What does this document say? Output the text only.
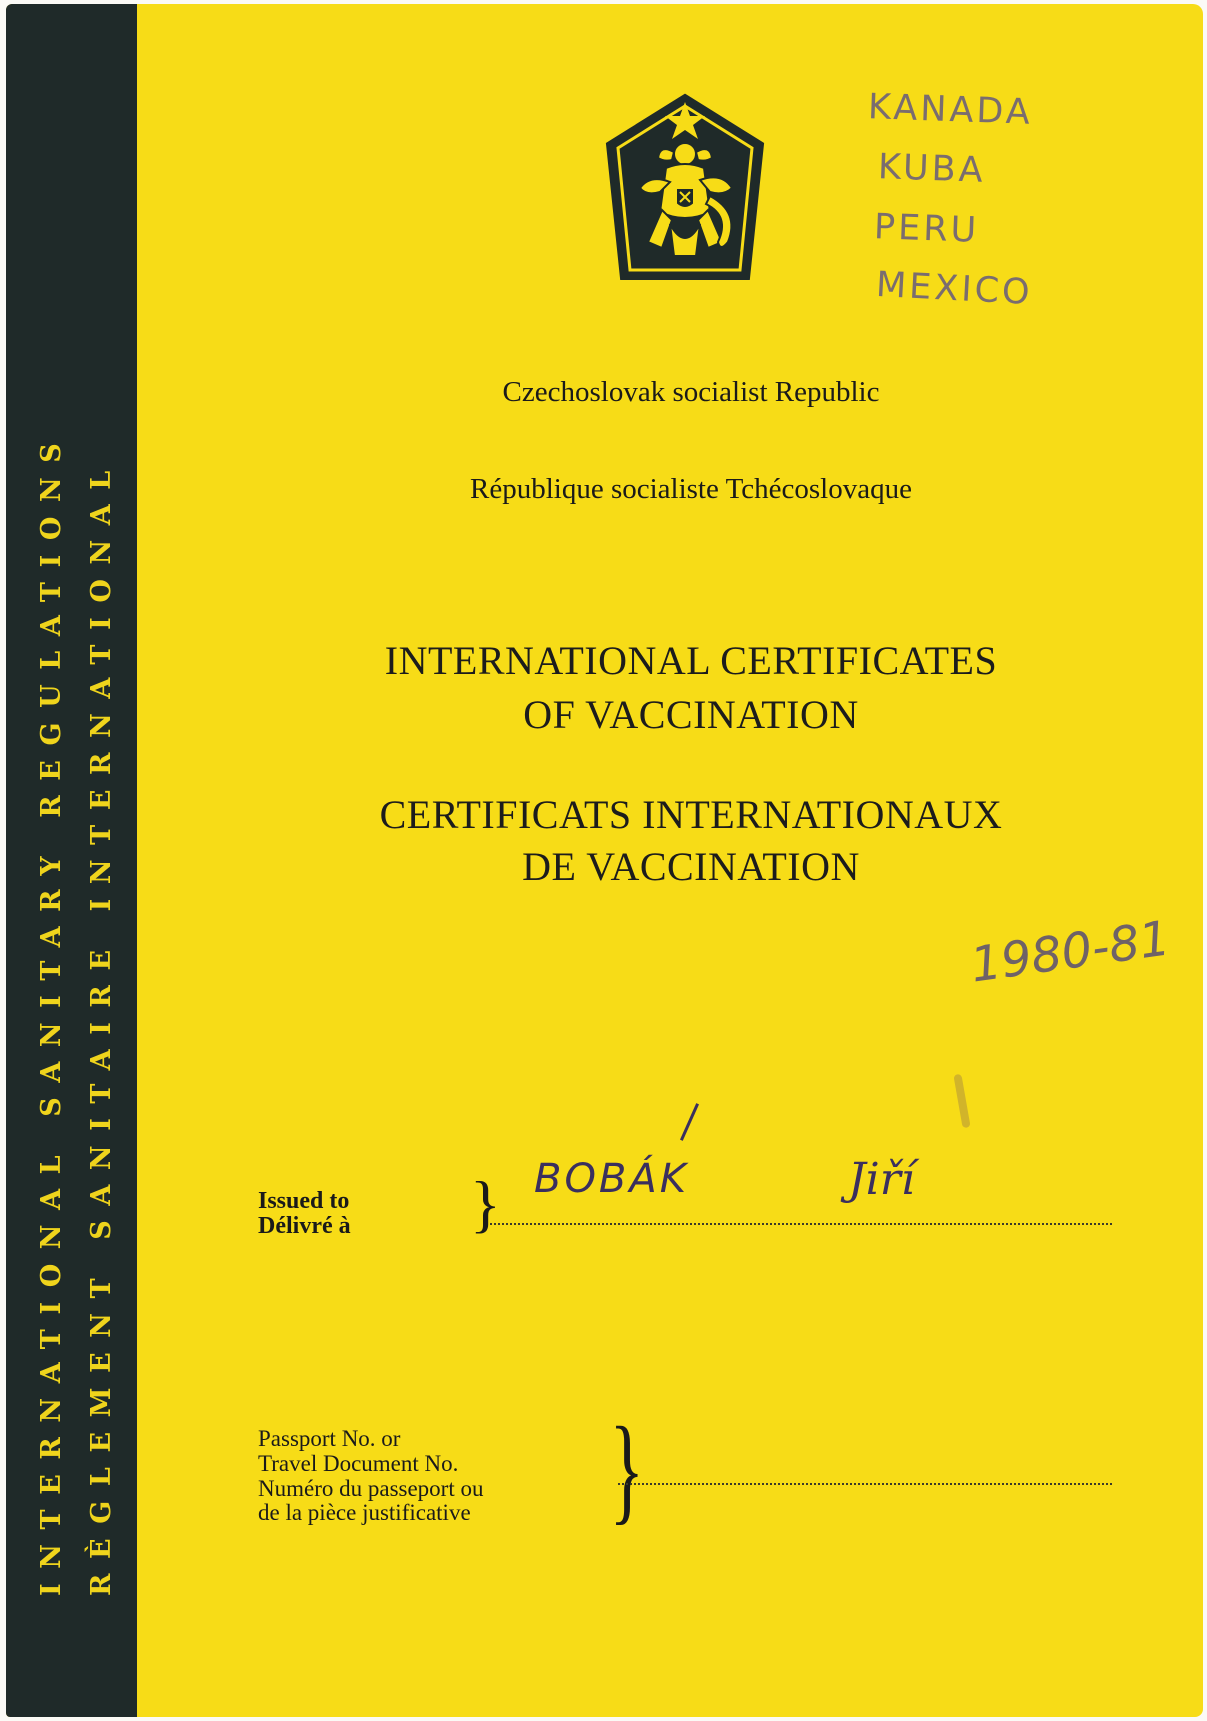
INTERNATIONAL SANITARY REGULATIONS RÈGLEMENT SANITAIRE INTERNATIONAL
KANADA
KUBA
PERU
MEXICO
Czechoslovak socialist Republic
République socialiste Tchécoslovaque
INTERNATIONAL CERTIFICATES
OF VACCINATION
CERTIFICATS INTERNATIONAUX
DE VACCINATION
1980-81
Issued to
Délivré à } BOBÁK	Jiří
Passport No. or
Travel Document No.
Numéro du passeport ou
de la pièce justificative }
